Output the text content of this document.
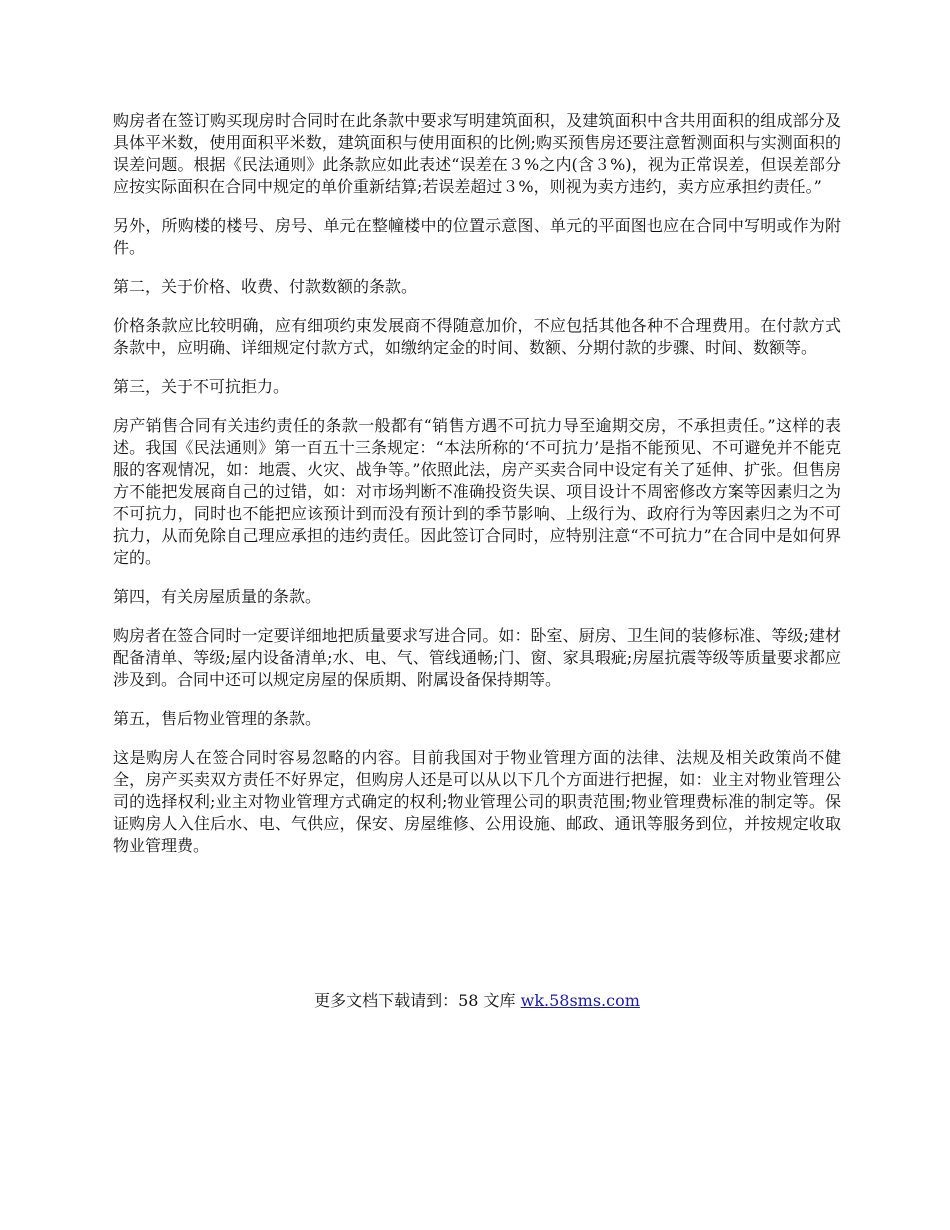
购房者在签订购买现房时合同时在此条款中要求写明建筑面积，及建筑面积中含共用面积的组成部分及具体平米数，使用面积平米数，建筑面积与使用面积的比例;购买预售房还要注意暂测面积与实测面积的误差问题。根据《民法通则》此条款应如此表述“误差在３%之内(含３%)，视为正常误差，但误差部分应按实际面积在合同中规定的单价重新结算;若误差超过３%，则视为卖方违约，卖方应承担约责任。”

另外，所购楼的楼号、房号、单元在整幢楼中的位置示意图、单元的平面图也应在合同中写明或作为附件。

第二，关于价格、收费、付款数额的条款。

价格条款应比较明确，应有细项约束发展商不得随意加价，不应包括其他各种不合理费用。在付款方式条款中，应明确、详细规定付款方式，如缴纳定金的时间、数额、分期付款的步骤、时间、数额等。

第三，关于不可抗拒力。

房产销售合同有关违约责任的条款一般都有“销售方遇不可抗力导至逾期交房，不承担责任。”这样的表述。我国《民法通则》第一百五十三条规定：“本法所称的‘不可抗力’是指不能预见、不可避免并不能克服的客观情况，如：地震、火灾、战争等。”依照此法，房产买卖合同中设定有关了延伸、扩张。但售房方不能把发展商自己的过错，如：对市场判断不准确投资失误、项目设计不周密修改方案等因素归之为不可抗力，同时也不能把应该预计到而没有预计到的季节影响、上级行为、政府行为等因素归之为不可抗力，从而免除自己理应承担的违约责任。因此签订合同时，应特别注意“不可抗力”在合同中是如何界定的。

第四，有关房屋质量的条款。

购房者在签合同时一定要详细地把质量要求写进合同。如：卧室、厨房、卫生间的装修标准、等级;建材配备清单、等级;屋内设备清单;水、电、气、管线通畅;门、窗、家具瑕疵;房屋抗震等级等质量要求都应涉及到。合同中还可以规定房屋的保质期、附属设备保持期等。

第五，售后物业管理的条款。

这是购房人在签合同时容易忽略的内容。目前我国对于物业管理方面的法律、法规及相关政策尚不健全，房产买卖双方责任不好界定，但购房人还是可以从以下几个方面进行把握，如：业主对物业管理公司的选择权利;业主对物业管理方式确定的权利;物业管理公司的职责范围;物业管理费标准的制定等。保证购房人入住后水、电、气供应，保安、房屋维修、公用设施、邮政、通讯等服务到位，并按规定收取物业管理费。

更多文档下载请到：58 文库 wk.58sms.com
